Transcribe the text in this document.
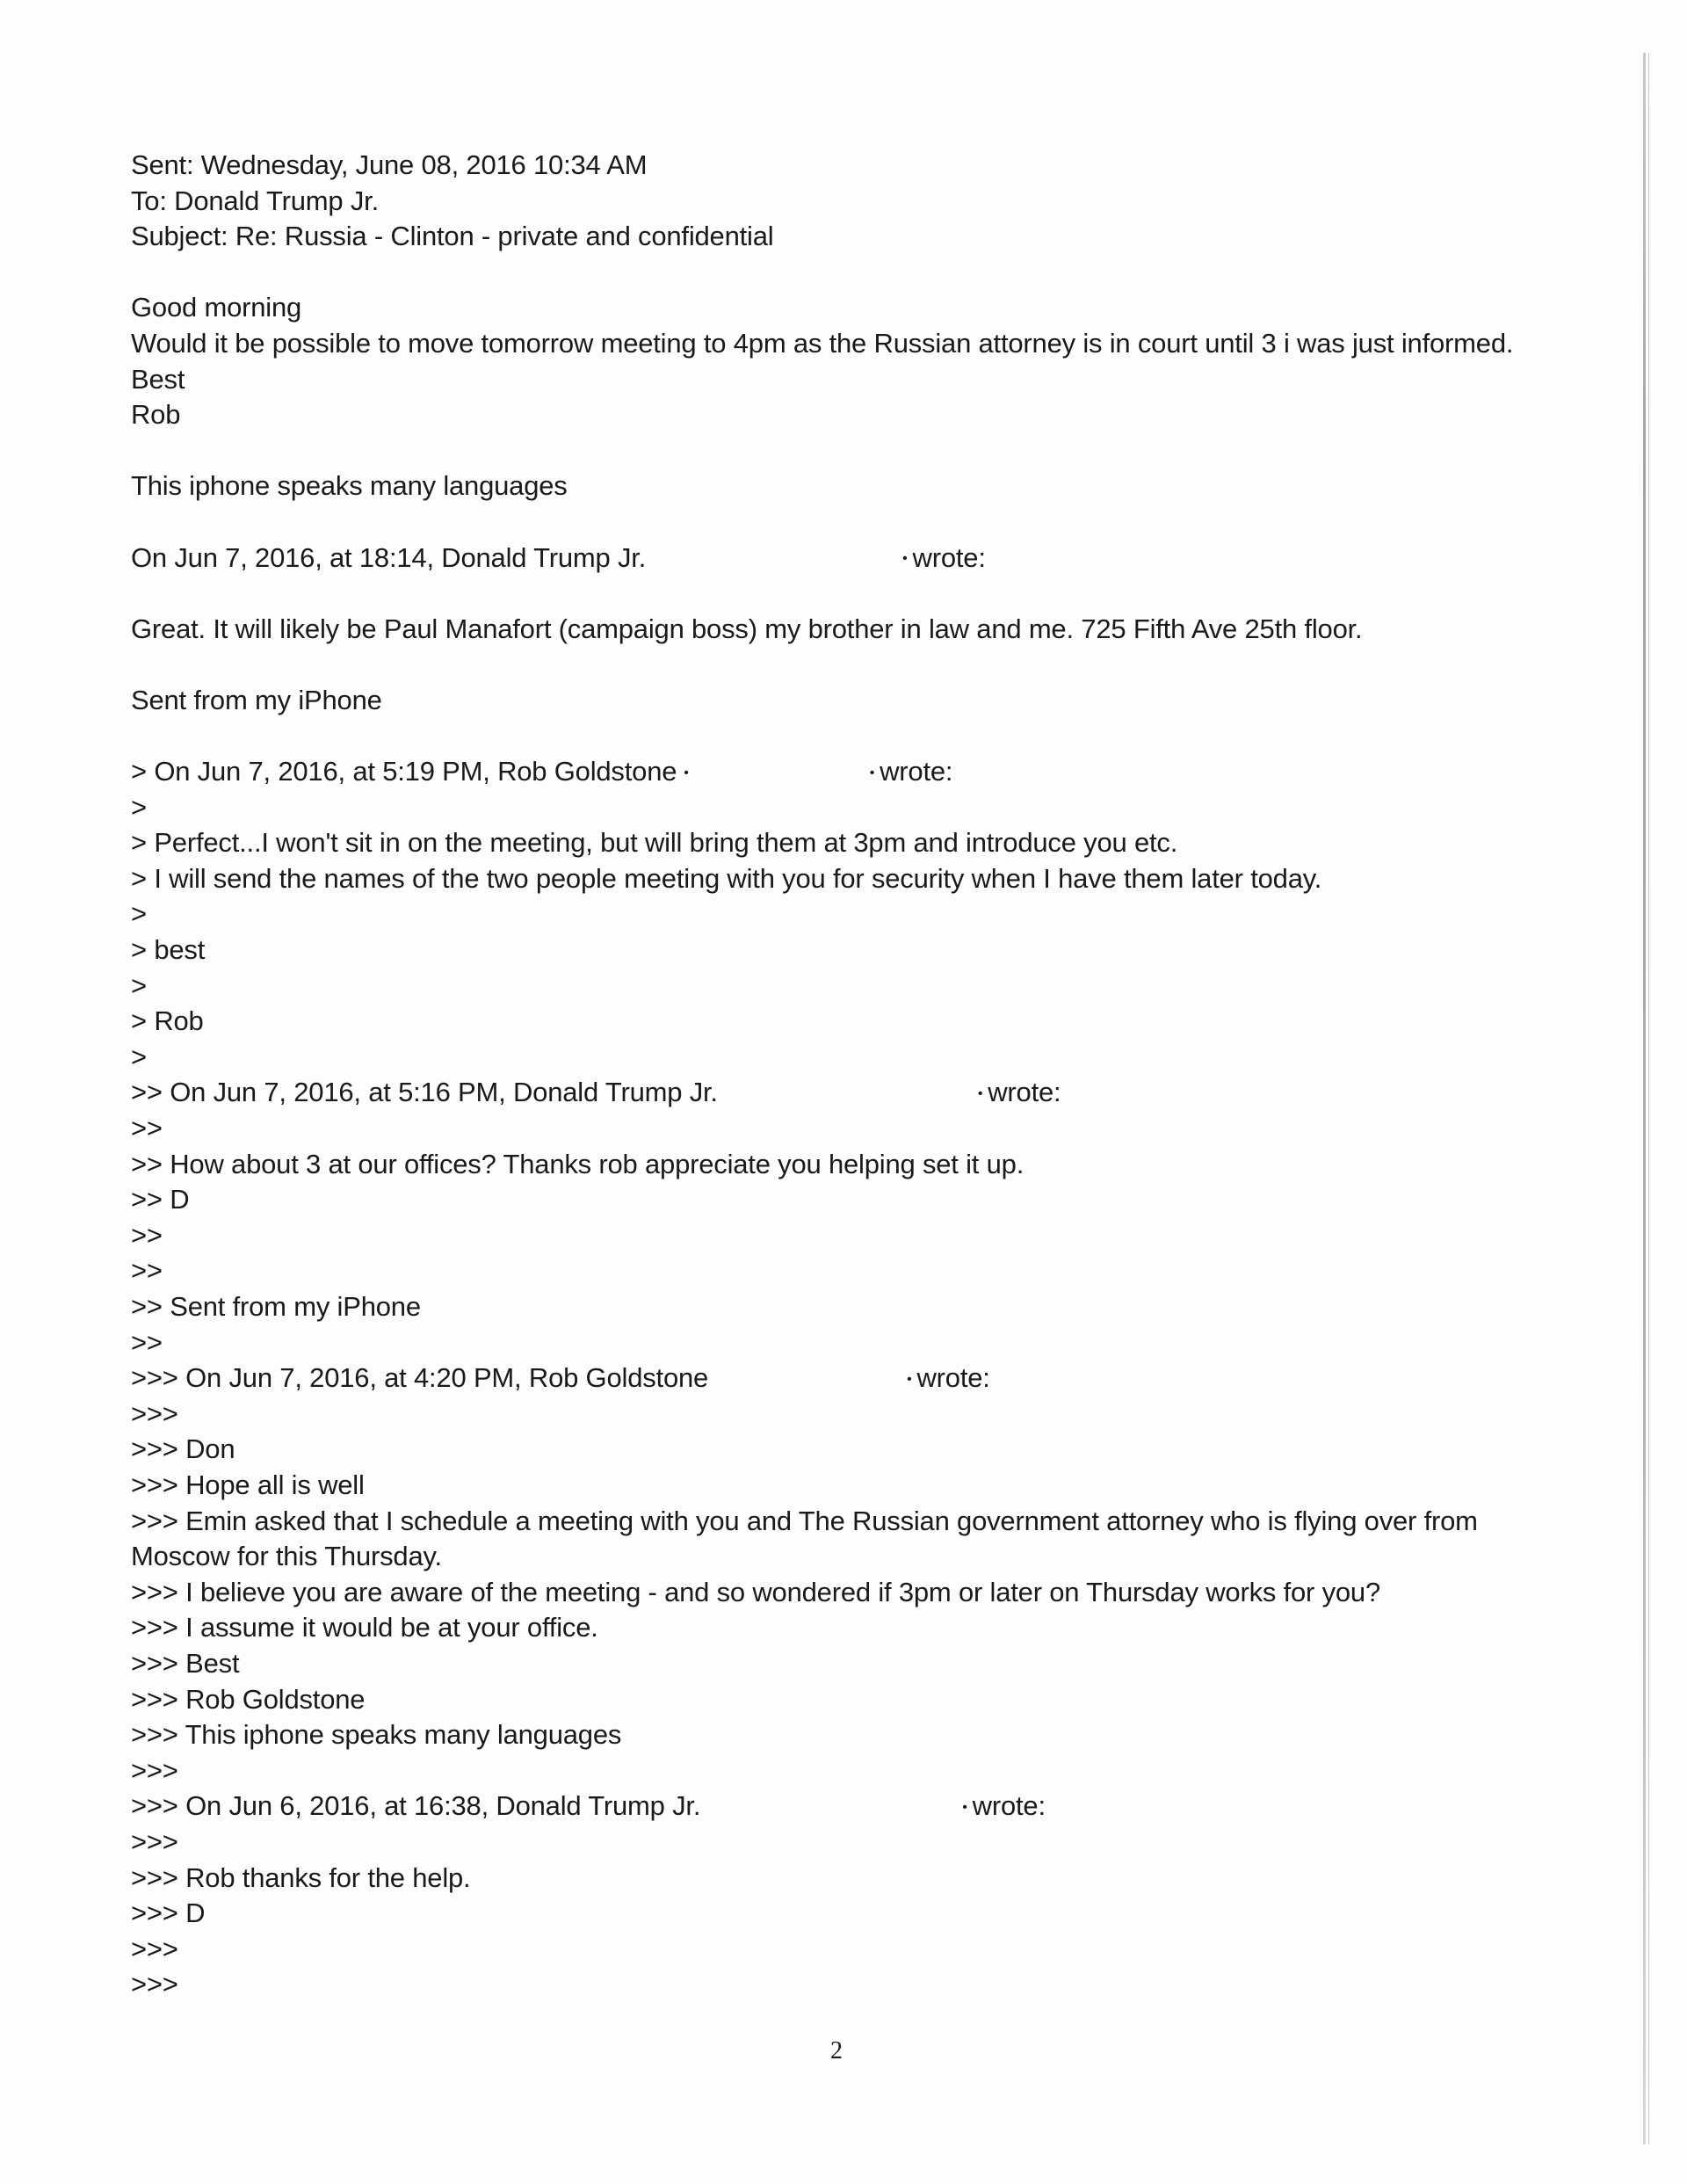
Sent: Wednesday, June 08, 2016 10:34 AM
To: Donald Trump Jr.
Subject: Re: Russia - Clinton - private and confidential
Good morning
Would it be possible to move tomorrow meeting to 4pm as the Russian attorney is in court until 3 i was just informed.
Best
Rob
This iphone speaks many languages
On Jun 7, 2016, at 18:14, Donald Trump Jr.	• wrote:
Great. It will likely be Paul Manafort (campaign boss) my brother in law and me. 725 Fifth Ave 25th floor.
Sent from my iPhone
> On Jun 7, 2016, at 5:19 PM, Rob Goldstone •	• wrote:
>
> Perfect...I won't sit in on the meeting, but will bring them at 3pm and introduce you etc.
> I will send the names of the two people meeting with you for security when I have them later today.
>
> best
>
> Rob
>
>> On Jun 7, 2016, at 5:16 PM, Donald Trump Jr.	• wrote:
>>
>> How about 3 at our offices? Thanks rob appreciate you helping set it up.
>> D
>>
>>
>> Sent from my iPhone
>>
>>> On Jun 7, 2016, at 4:20 PM, Rob Goldstone	• wrote:
>>>
>>> Don
>>> Hope all is well
>>> Emin asked that I schedule a meeting with you and The Russian government attorney who is flying over from Moscow for this Thursday.
>>> I believe you are aware of the meeting - and so wondered if 3pm or later on Thursday works for you?
>>> I assume it would be at your office.
>>> Best
>>> Rob Goldstone
>>> This iphone speaks many languages
>>>
>>> On Jun 6, 2016, at 16:38, Donald Trump Jr.	• wrote:
>>>
>>> Rob thanks for the help.
>>> D
>>>
>>>
2
